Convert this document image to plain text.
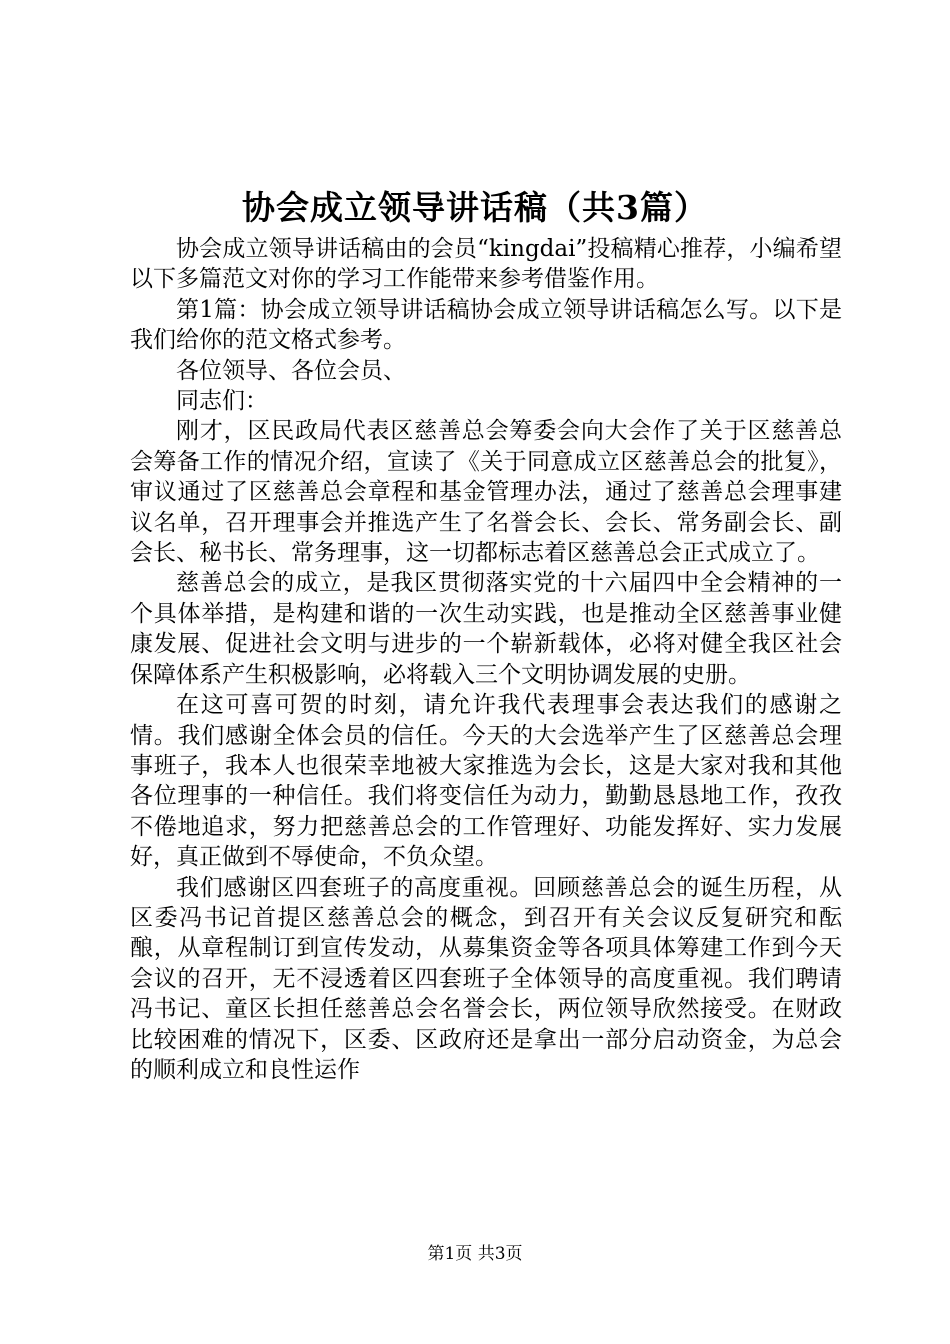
协会成立领导讲话稿（共3篇）

协会成立领导讲话稿由的会员“kingdai”投稿精心推荐，小编希望以下多篇范文对你的学习工作能带来参考借鉴作用。

第1篇：协会成立领导讲话稿协会成立领导讲话稿怎么写。以下是我们给你的范文格式参考。

各位领导、各位会员、

同志们：

刚才，区民政局代表区慈善总会筹委会向大会作了关于区慈善总会筹备工作的情况介绍，宣读了《关于同意成立区慈善总会的批复》，审议通过了区慈善总会章程和基金管理办法，通过了慈善总会理事建议名单，召开理事会并推选产生了名誉会长、会长、常务副会长、副会长、秘书长、常务理事，这一切都标志着区慈善总会正式成立了。

慈善总会的成立，是我区贯彻落实党的十六届四中全会精神的一个具体举措，是构建和谐的一次生动实践，也是推动全区慈善事业健康发展、促进社会文明与进步的一个崭新载体，必将对健全我区社会保障体系产生积极影响，必将载入三个文明协调发展的史册。

在这可喜可贺的时刻，请允许我代表理事会表达我们的感谢之情。我们感谢全体会员的信任。今天的大会选举产生了区慈善总会理事班子，我本人也很荣幸地被大家推选为会长，这是大家对我和其他各位理事的一种信任。我们将变信任为动力，勤勤恳恳地工作，孜孜不倦地追求，努力把慈善总会的工作管理好、功能发挥好、实力发展好，真正做到不辱使命，不负众望。

我们感谢区四套班子的高度重视。回顾慈善总会的诞生历程，从区委冯书记首提区慈善总会的概念，到召开有关会议反复研究和酝酿，从章程制订到宣传发动，从募集资金等各项具体筹建工作到今天会议的召开，无不浸透着区四套班子全体领导的高度重视。我们聘请冯书记、童区长担任慈善总会名誉会长，两位领导欣然接受。在财政比较困难的情况下，区委、区政府还是拿出一部分启动资金，为总会的顺利成立和良性运作

第1页 共3页
